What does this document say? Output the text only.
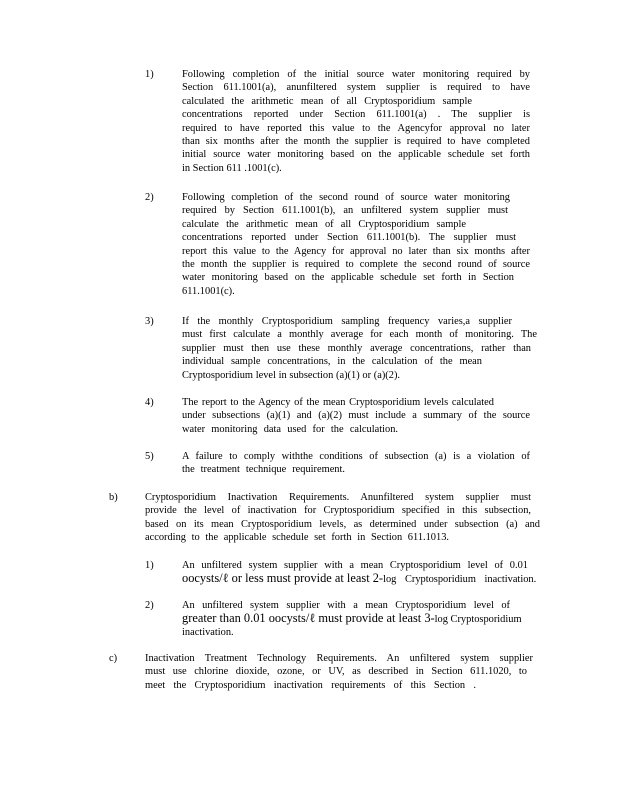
1)	Following completion of the initial source water monitoring required by
Section 611.1001(a), anunfiltered system supplier is required to have
calculated the arithmetic mean of all Cryptosporidium sample
concentrations reported under Section 611.1001(a) . The supplier is
required to have reported this value to the Agencyfor approval no later
than six months after the month the supplier is required to have completed
initial source water monitoring based on the applicable schedule set forth
in Section 611 .1001(c).
2)	Following completion of the second round of source water monitoring
required by Section 611.1001(b), an unfiltered system supplier must
calculate the arithmetic mean of all Cryptosporidium sample
concentrations reported under Section 611.1001(b). The supplier must
report this value to the Agency for approval no later than six months after
the month the supplier is required to complete the second round of source
water monitoring based on the applicable schedule set forth in Section
611.1001(c).
3)	If the monthly Cryptosporidium sampling frequency varies,a supplier
must first calculate a monthly average for each month of monitoring. The
supplier must then use these monthly average concentrations, rather than
individual sample concentrations, in the calculation of the mean
Cryptosporidium level in subsection (a)(1) or (a)(2).
4)	The report to the Agency of the mean Cryptosporidium levels calculated
under subsections (a)(1) and (a)(2) must include a summary of the source
water monitoring data used for the calculation.
5)	A failure to comply withthe conditions of subsection (a) is a violation of
the treatment technique requirement.
b)	Cryptosporidium Inactivation Requirements. Anunfiltered system supplier must
provide the level of inactivation for Cryptosporidium specified in this subsection,
based on its mean Cryptosporidium levels, as determined under subsection (a) and
according to the applicable schedule set forth in Section 611.1013.
1)	An unfiltered system supplier with a mean Cryptosporidium level of 0.01
oocysts/ℓ or less must provide at least 2-log Cryptosporidium inactivation.
2)	An unfiltered system supplier with a mean Cryptosporidium level of
greater than 0.01 oocysts/ℓ must provide at least 3-log Cryptosporidium
inactivation.
c)	Inactivation Treatment Technology Requirements. An unfiltered system supplier
must use chlorine dioxide, ozone, or UV, as described in Section 611.1020, to
meet the Cryptosporidium inactivation requirements of this Section .
